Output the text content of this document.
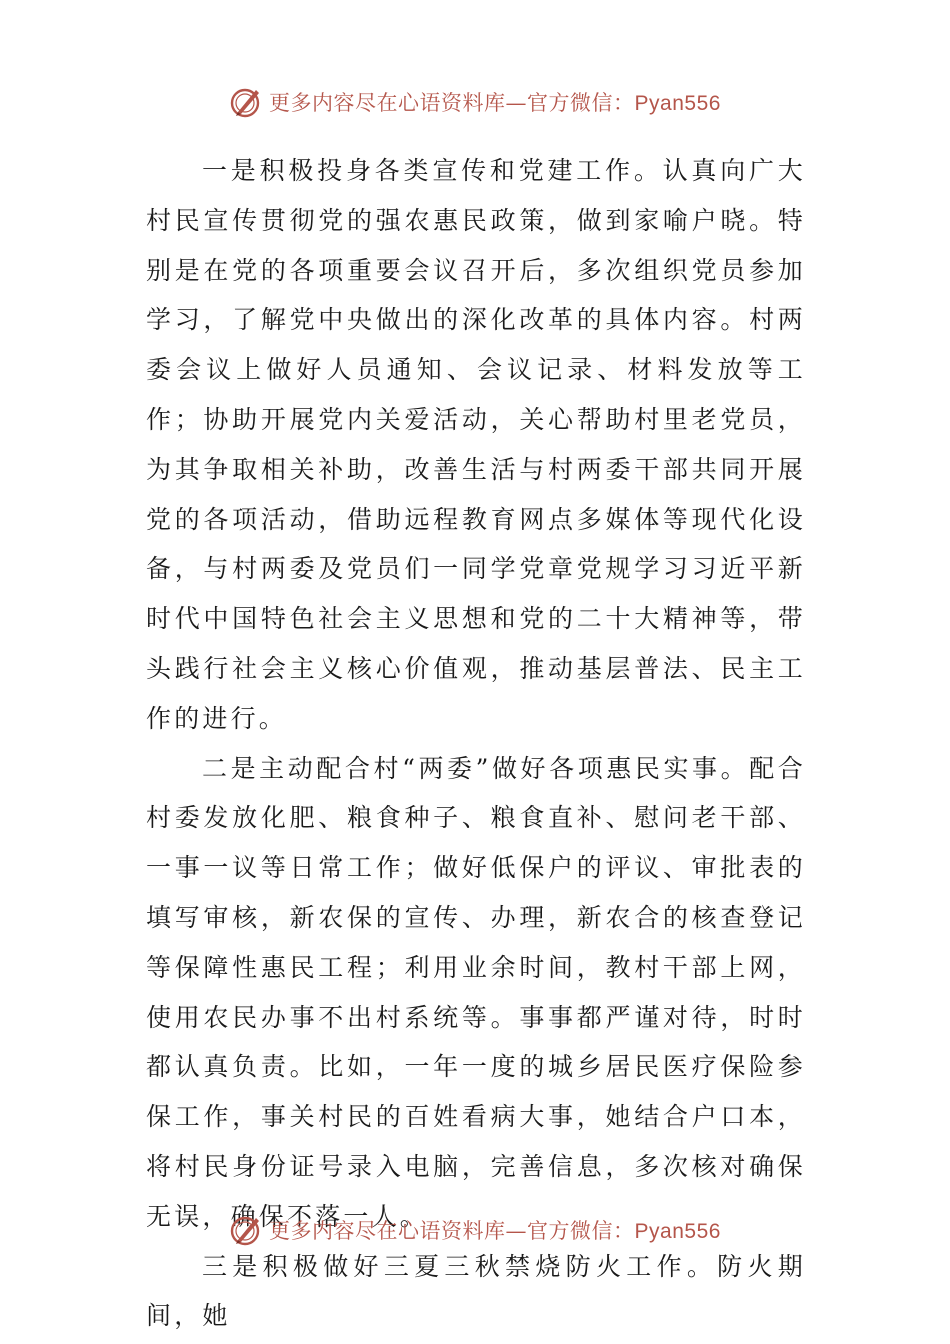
更多内容尽在心语资料库—官方微信：Pyan556

一是积极投身各类宣传和党建工作。认真向广大村民宣传贯彻党的强农惠民政策，做到家喻户晓。特别是在党的各项重要会议召开后，多次组织党员参加学习，了解党中央做出的深化改革的具体内容。村两委会议上做好人员通知、会议记录、材料发放等工作；协助开展党内关爱活动，关心帮助村里老党员，为其争取相关补助，改善生活与村两委干部共同开展党的各项活动，借助远程教育网点多媒体等现代化设备，与村两委及党员们一同学党章党规学习习近平新时代中国特色社会主义思想和党的二十大精神等，带头践行社会主义核心价值观，推动基层普法、民主工作的进行。

二是主动配合村“两委”做好各项惠民实事。配合村委发放化肥、粮食种子、粮食直补、慰问老干部、一事一议等日常工作；做好低保户的评议、审批表的填写审核，新农保的宣传、办理，新农合的核查登记等保障性惠民工程；利用业余时间，教村干部上网，使用农民办事不出村系统等。事事都严谨对待，时时都认真负责。比如，一年一度的城乡居民医疗保险参保工作，事关村民的百姓看病大事，她结合户口本，将村民身份证号录入电脑，完善信息，多次核对确保无误，确保不落一人。

三是积极做好三夏三秋禁烧防火工作。防火期间，她

更多内容尽在心语资料库—官方微信：Pyan556
